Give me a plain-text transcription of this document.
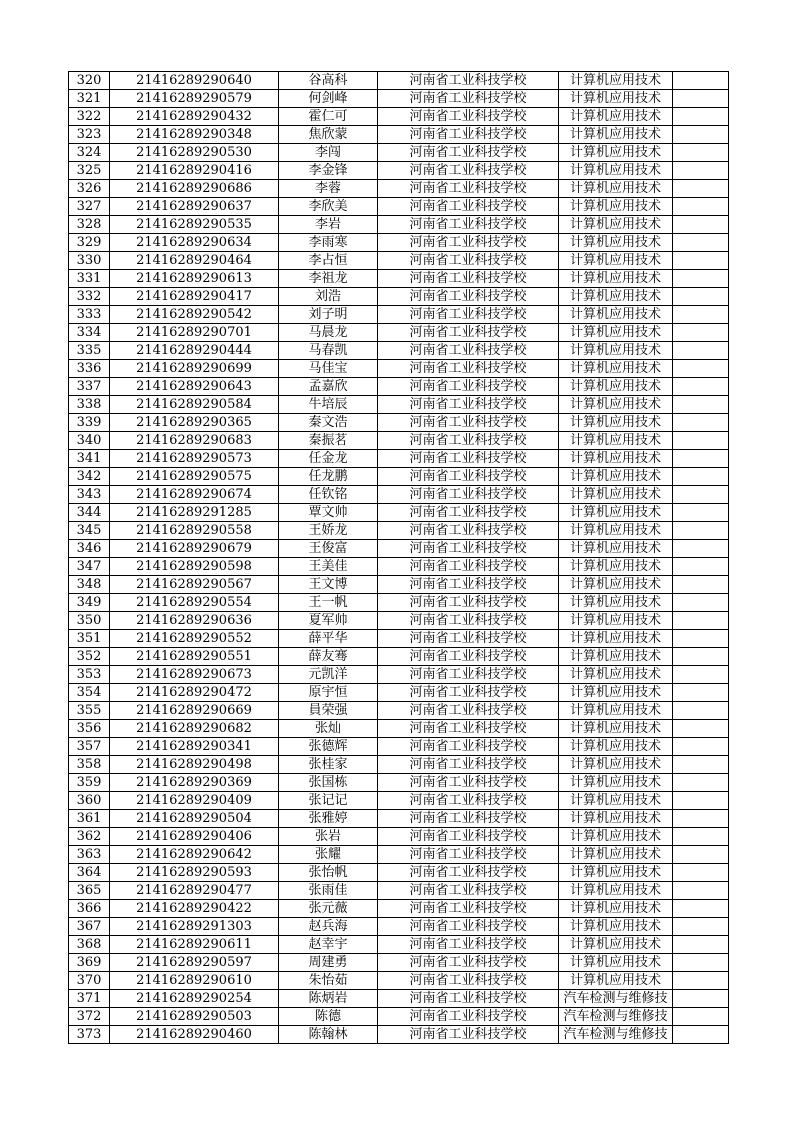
320	21416289290640	谷高科	河南省工业科技学校	计算机应用技术	
321	21416289290579	何剑峰	河南省工业科技学校	计算机应用技术	
322	21416289290432	霍仁可	河南省工业科技学校	计算机应用技术	
323	21416289290348	焦欣蒙	河南省工业科技学校	计算机应用技术	
324	21416289290530	李闯	河南省工业科技学校	计算机应用技术	
325	21416289290416	李金锋	河南省工业科技学校	计算机应用技术	
326	21416289290686	李蓉	河南省工业科技学校	计算机应用技术	
327	21416289290637	李欣美	河南省工业科技学校	计算机应用技术	
328	21416289290535	李岩	河南省工业科技学校	计算机应用技术	
329	21416289290634	李雨寒	河南省工业科技学校	计算机应用技术	
330	21416289290464	李占恒	河南省工业科技学校	计算机应用技术	
331	21416289290613	李祖龙	河南省工业科技学校	计算机应用技术	
332	21416289290417	刘浩	河南省工业科技学校	计算机应用技术	
333	21416289290542	刘子明	河南省工业科技学校	计算机应用技术	
334	21416289290701	马晨龙	河南省工业科技学校	计算机应用技术	
335	21416289290444	马春凯	河南省工业科技学校	计算机应用技术	
336	21416289290699	马佳宝	河南省工业科技学校	计算机应用技术	
337	21416289290643	孟嘉欣	河南省工业科技学校	计算机应用技术	
338	21416289290584	牛培辰	河南省工业科技学校	计算机应用技术	
339	21416289290365	秦文浩	河南省工业科技学校	计算机应用技术	
340	21416289290683	秦振茗	河南省工业科技学校	计算机应用技术	
341	21416289290573	任金龙	河南省工业科技学校	计算机应用技术	
342	21416289290575	任龙鹏	河南省工业科技学校	计算机应用技术	
343	21416289290674	任钦铭	河南省工业科技学校	计算机应用技术	
344	21416289291285	覃文帅	河南省工业科技学校	计算机应用技术	
345	21416289290558	王娇龙	河南省工业科技学校	计算机应用技术	
346	21416289290679	王俊富	河南省工业科技学校	计算机应用技术	
347	21416289290598	王美佳	河南省工业科技学校	计算机应用技术	
348	21416289290567	王文博	河南省工业科技学校	计算机应用技术	
349	21416289290554	王一帆	河南省工业科技学校	计算机应用技术	
350	21416289290636	夏军帅	河南省工业科技学校	计算机应用技术	
351	21416289290552	薛平华	河南省工业科技学校	计算机应用技术	
352	21416289290551	薛友骞	河南省工业科技学校	计算机应用技术	
353	21416289290673	元凯洋	河南省工业科技学校	计算机应用技术	
354	21416289290472	原宇恒	河南省工业科技学校	计算机应用技术	
355	21416289290669	員荣强	河南省工业科技学校	计算机应用技术	
356	21416289290682	张灿	河南省工业科技学校	计算机应用技术	
357	21416289290341	张德辉	河南省工业科技学校	计算机应用技术	
358	21416289290498	张桂家	河南省工业科技学校	计算机应用技术	
359	21416289290369	张国栋	河南省工业科技学校	计算机应用技术	
360	21416289290409	张记记	河南省工业科技学校	计算机应用技术	
361	21416289290504	张雅婷	河南省工业科技学校	计算机应用技术	
362	21416289290406	张岩	河南省工业科技学校	计算机应用技术	
363	21416289290642	张耀	河南省工业科技学校	计算机应用技术	
364	21416289290593	张怡帆	河南省工业科技学校	计算机应用技术	
365	21416289290477	张雨佳	河南省工业科技学校	计算机应用技术	
366	21416289290422	张元薇	河南省工业科技学校	计算机应用技术	
367	21416289291303	赵兵海	河南省工业科技学校	计算机应用技术	
368	21416289290611	赵幸宇	河南省工业科技学校	计算机应用技术	
369	21416289290597	周建勇	河南省工业科技学校	计算机应用技术	
370	21416289290610	朱怡茹	河南省工业科技学校	计算机应用技术	
371	21416289290254	陈炳岩	河南省工业科技学校	汽车检测与维修技	
372	21416289290503	陈德	河南省工业科技学校	汽车检测与维修技	
373	21416289290460	陈翰林	河南省工业科技学校	汽车检测与维修技	
